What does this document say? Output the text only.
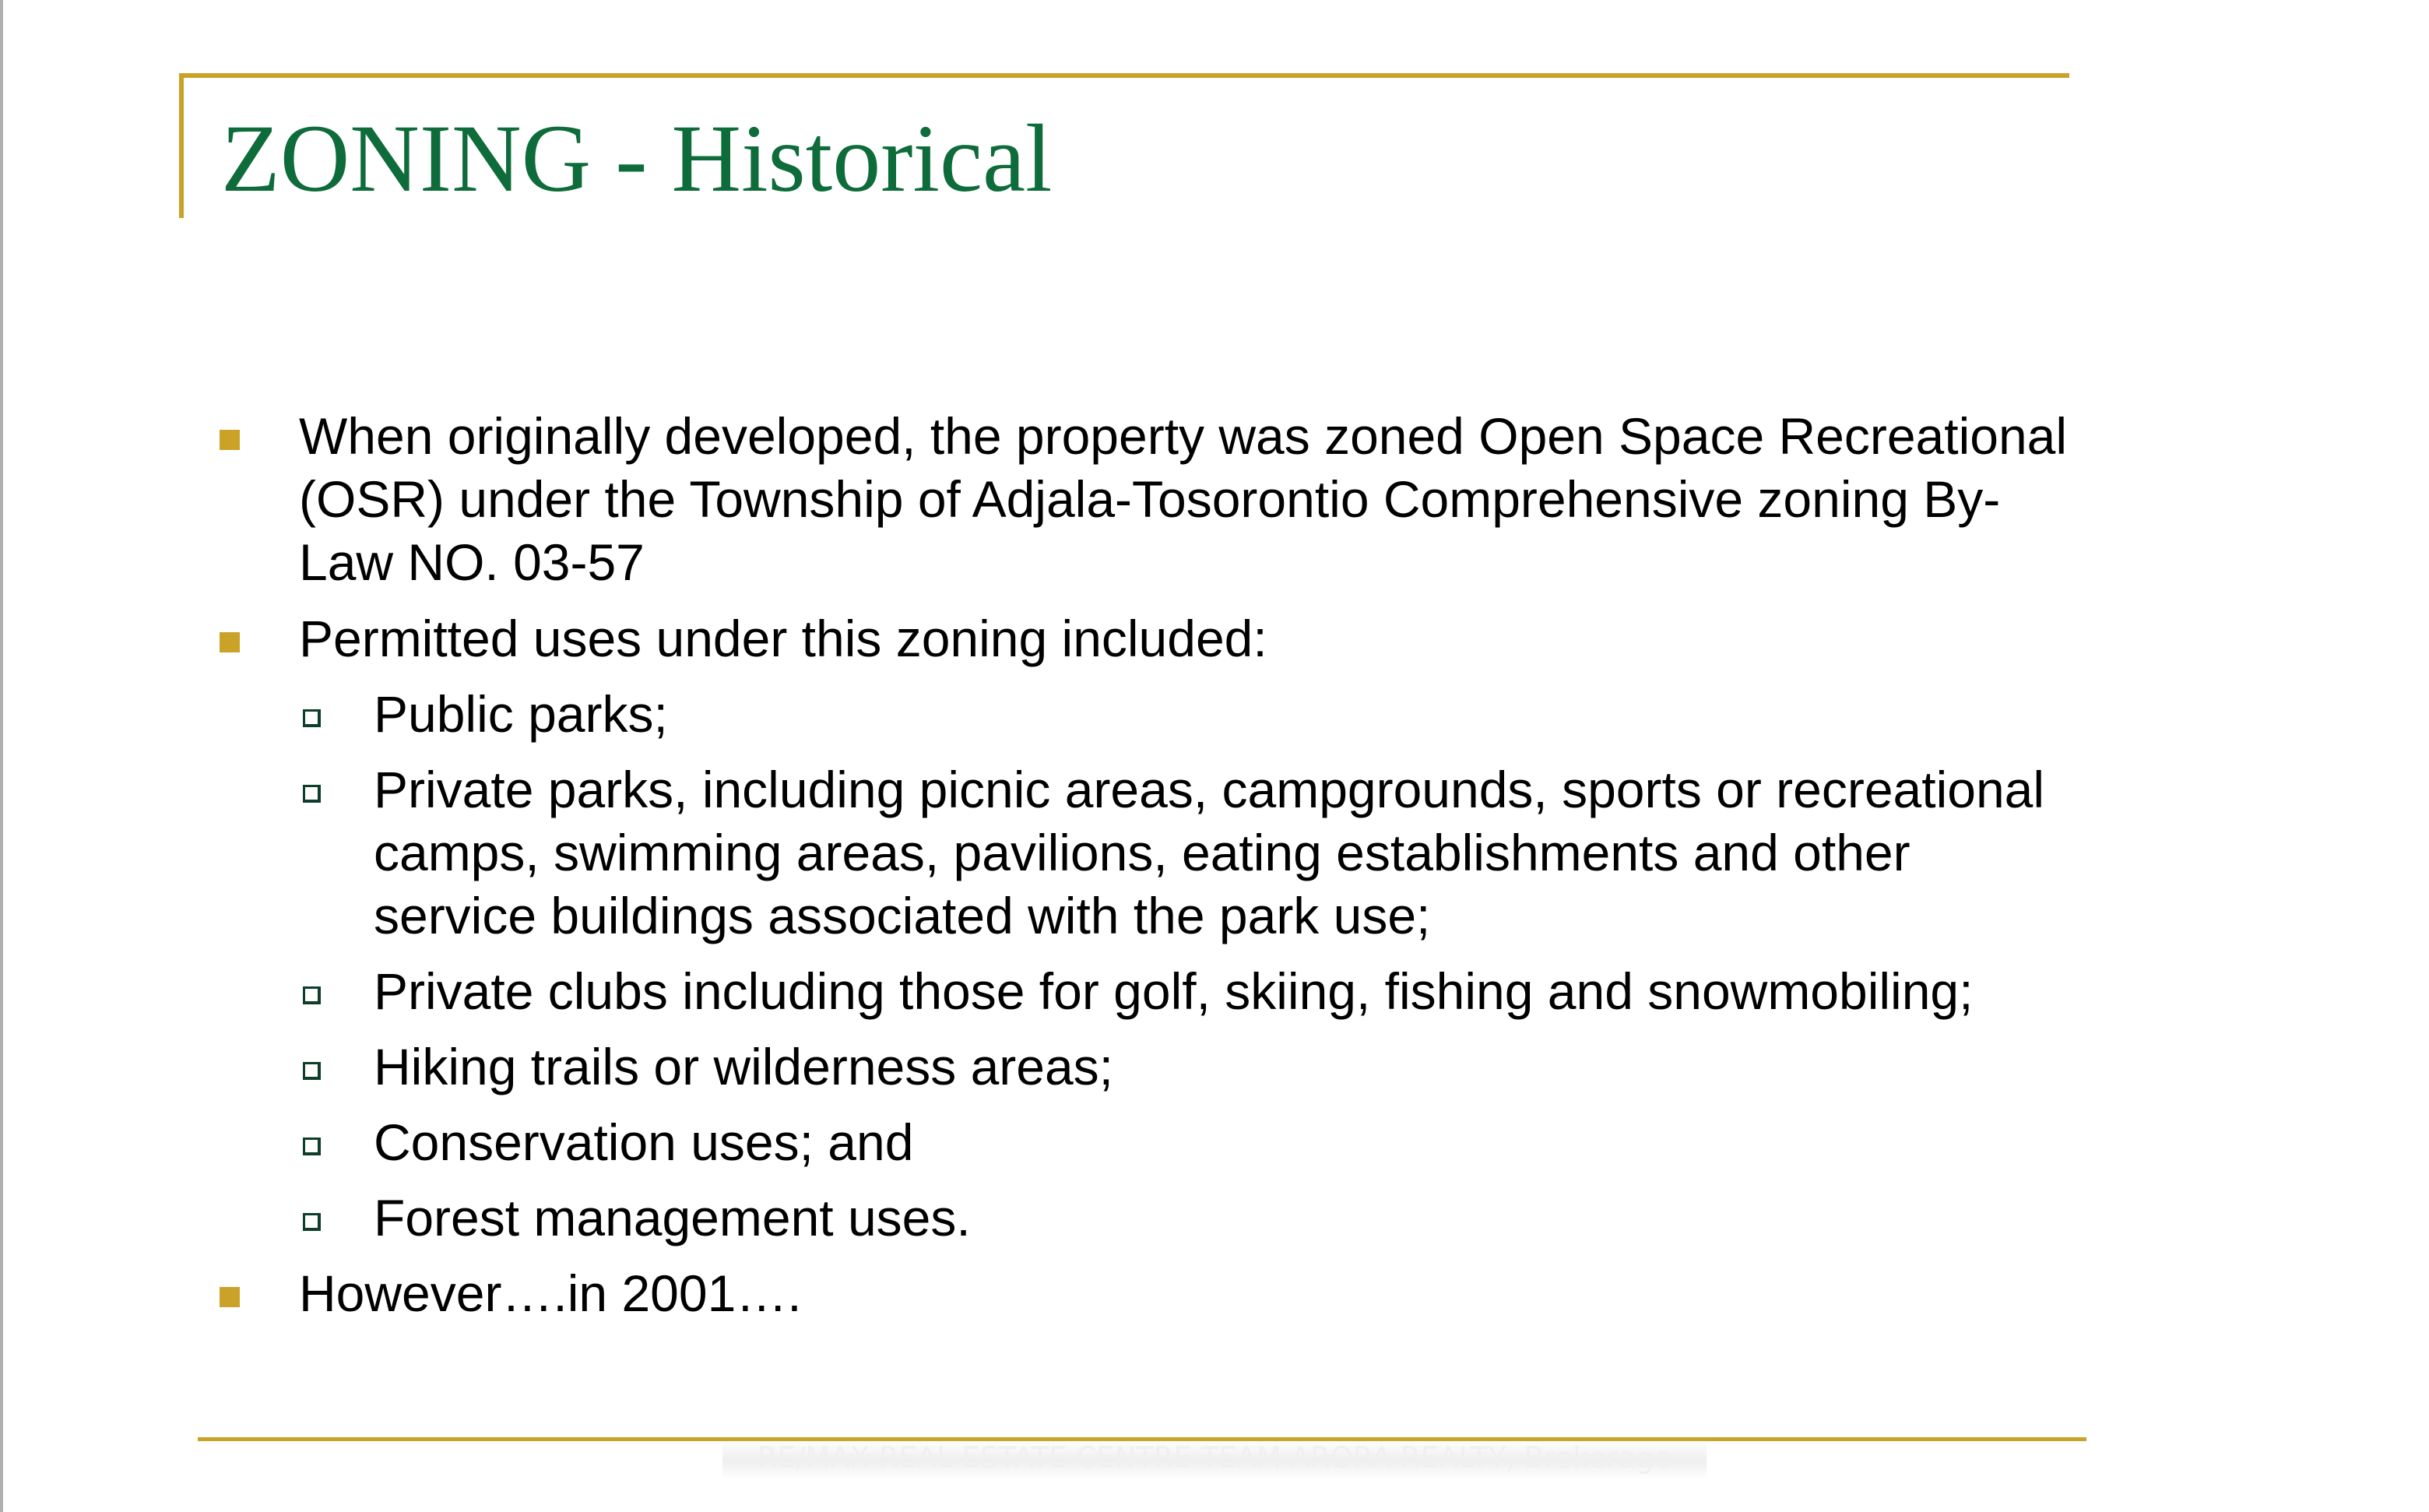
ZONING - Historical
When originally developed, the property was zoned Open Space Recreational (OSR) under the Township of Adjala-Tosorontio Comprehensive zoning By-Law NO. 03-57
Permitted uses under this zoning included:
Public parks;
Private parks, including picnic areas, campgrounds, sports or recreational camps, swimming areas, pavilions, eating establishments and other service buildings associated with the park use;
Private clubs including those for golf, skiing, fishing and snowmobiling;
Hiking trails or wilderness areas;
Conservation uses; and
Forest management uses.
However….in 2001….

RE/MAX REAL ESTATE CENTRE TEAM ARORA REALTY, Brokerage
